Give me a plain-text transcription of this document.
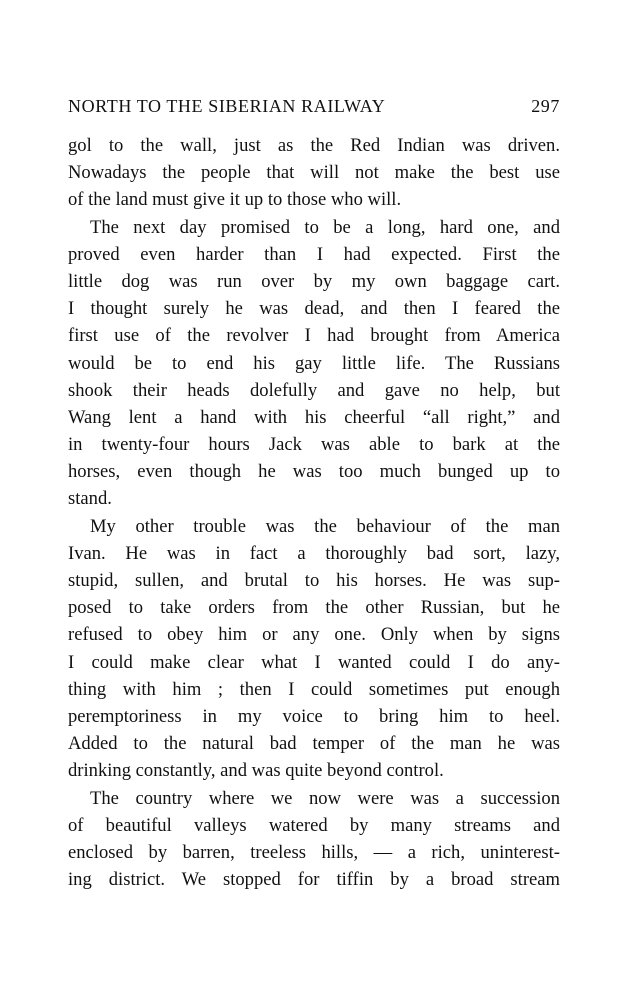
NORTH TO THE SIBERIAN RAILWAY	297
gol to the wall, just as the Red Indian was driven.
Nowadays the people that will not make the best use
of the land must give it up to those who will.
The next day promised to be a long, hard one, and
proved even harder than I had expected. First the
little dog was run over by my own baggage cart.
I thought surely he was dead, and then I feared the
first use of the revolver I had brought from America
would be to end his gay little life. The Russians
shook their heads dolefully and gave no help, but
Wang lent a hand with his cheerful “all right,” and
in twenty-four hours Jack was able to bark at the
horses, even though he was too much bunged up to
stand.
My other trouble was the behaviour of the man
Ivan. He was in fact a thoroughly bad sort, lazy,
stupid, sullen, and brutal to his horses. He was sup-
posed to take orders from the other Russian, but he
refused to obey him or any one. Only when by signs
I could make clear what I wanted could I do any-
thing with him ; then I could sometimes put enough
peremptoriness in my voice to bring him to heel.
Added to the natural bad temper of the man he was
drinking constantly, and was quite beyond control.
The country where we now were was a succession
of beautiful valleys watered by many streams and
enclosed by barren, treeless hills, — a rich, uninterest-
ing district. We stopped for tiffin by a broad stream
